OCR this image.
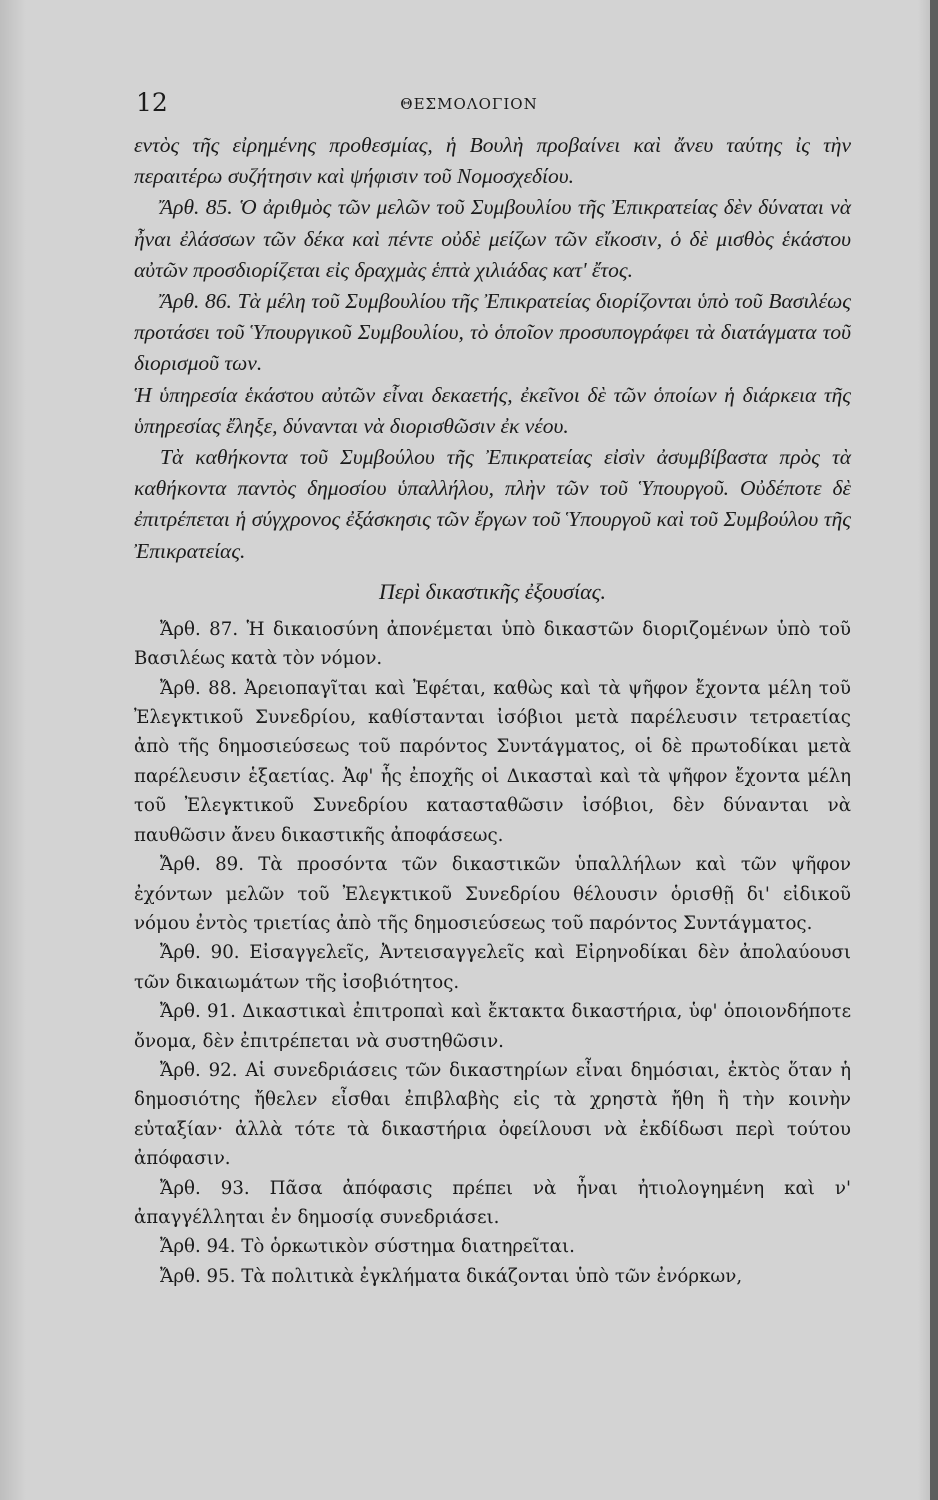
12	ΘΕΣΜΟΛΟΓΙΟΝ

εντὸς τῆς εἰρημένης προθεσμίας, ἡ Βουλὴ προβαίνει καὶ ἄνευ ταύτης ἰς τὴν περαιτέρω συζήτησιν καὶ ψήφισιν τοῦ Νομοσχεδίου.

Ἄρθ. 85. Ὁ ἀριθμὸς τῶν μελῶν τοῦ Συμβουλίου τῆς Ἐπικρατείας δὲν δύναται νὰ ἦναι ἐλάσσων τῶν δέκα καὶ πέντε οὐδὲ μείζων τῶν εἴκοσιν, ὁ δὲ μισθὸς ἑκάστου αὐτῶν προσδιορίζεται εἰς δραχμὰς ἑπτὰ χιλιάδας κατ' ἔτος.

Ἄρθ. 86. Τὰ μέλη τοῦ Συμβουλίου τῆς Ἐπικρατείας διορίζονται ὑπὸ τοῦ Βασιλέως προτάσει τοῦ Ὑπουργικοῦ Συμβουλίου, τὸ ὁποῖον προσυπογράφει τὰ διατάγματα τοῦ διορισμοῦ των.

Ἡ ὑπηρεσία ἑκάστου αὐτῶν εἶναι δεκαετής, ἐκεῖνοι δὲ τῶν ὁποίων ἡ διάρκεια τῆς ὑπηρεσίας ἔληξε, δύνανται νὰ διορισθῶσιν ἐκ νέου.

Τὰ καθήκοντα τοῦ Συμβούλου τῆς Ἐπικρατείας εἰσὶν ἀσυμβίβαστα πρὸς τὰ καθήκοντα παντὸς δημοσίου ὑπαλλήλου, πλὴν τῶν τοῦ Ὑπουργοῦ. Οὐδέποτε δὲ ἐπιτρέπεται ἡ σύγχρονος ἐξάσκησις τῶν ἔργων τοῦ Ὑπουργοῦ καὶ τοῦ Συμβούλου τῆς Ἐπικρατείας.

Περὶ δικαστικῆς ἐξουσίας.

Ἄρθ. 87. Ἡ δικαιοσύνη ἀπονέμεται ὑπὸ δικαστῶν διοριζομένων ὑπὸ τοῦ Βασιλέως κατὰ τὸν νόμον.

Ἄρθ. 88. Ἀρειοπαγῖται καὶ Ἐφέται, καθὼς καὶ τὰ ψῆφον ἔχοντα μέλη τοῦ Ἐλεγκτικοῦ Συνεδρίου, καθίστανται ἰσόβιοι μετὰ παρέλευσιν τετραετίας ἀπὸ τῆς δημοσιεύσεως τοῦ παρόντος Συντάγματος, οἱ δὲ πρωτοδίκαι μετὰ παρέλευσιν ἑξαετίας. Ἀφ' ἧς ἐποχῆς οἱ Δικασταὶ καὶ τὰ ψῆφον ἔχοντα μέλη τοῦ Ἐλεγκτικοῦ Συνεδρίου κατασταθῶσιν ἰσόβιοι, δὲν δύνανται νὰ παυθῶσιν ἄνευ δικαστικῆς ἀποφάσεως.

Ἄρθ. 89. Τὰ προσόντα τῶν δικαστικῶν ὑπαλλήλων καὶ τῶν ψῆφον ἐχόντων μελῶν τοῦ Ἐλεγκτικοῦ Συνεδρίου θέλουσιν ὁρισθῇ δι' εἰδικοῦ νόμου ἐντὸς τριετίας ἀπὸ τῆς δημοσιεύσεως τοῦ παρόντος Συντάγματος.

Ἄρθ. 90. Εἰσαγγελεῖς, Ἀντεισαγγελεῖς καὶ Εἰρηνοδίκαι δὲν ἀπολαύουσι τῶν δικαιωμάτων τῆς ἰσοβιότητος.

Ἄρθ. 91. Δικαστικαὶ ἐπιτροπαὶ καὶ ἔκτακτα δικαστήρια, ὑφ' ὁποιονδήποτε ὄνομα, δὲν ἐπιτρέπεται νὰ συστηθῶσιν.

Ἄρθ. 92. Αἱ συνεδριάσεις τῶν δικαστηρίων εἶναι δημόσιαι, ἐκτὸς ὅταν ἡ δημοσιότης ἤθελεν εἶσθαι ἐπιβλαβὴς εἰς τὰ χρηστὰ ἤθη ἢ τὴν κοινὴν εὐταξίαν· ἀλλὰ τότε τὰ δικαστήρια ὀφείλουσι νὰ ἐκδίδωσι περὶ τούτου ἀπόφασιν.

Ἄρθ. 93. Πᾶσα ἀπόφασις πρέπει νὰ ἦναι ἠτιολογημένη καὶ ν' ἀπαγγέλληται ἐν δημοσίᾳ συνεδριάσει.

Ἄρθ. 94. Τὸ ὁρκωτικὸν σύστημα διατηρεῖται.

Ἄρθ. 95. Τὰ πολιτικὰ ἐγκλήματα δικάζονται ὑπὸ τῶν ἐνόρκων,
